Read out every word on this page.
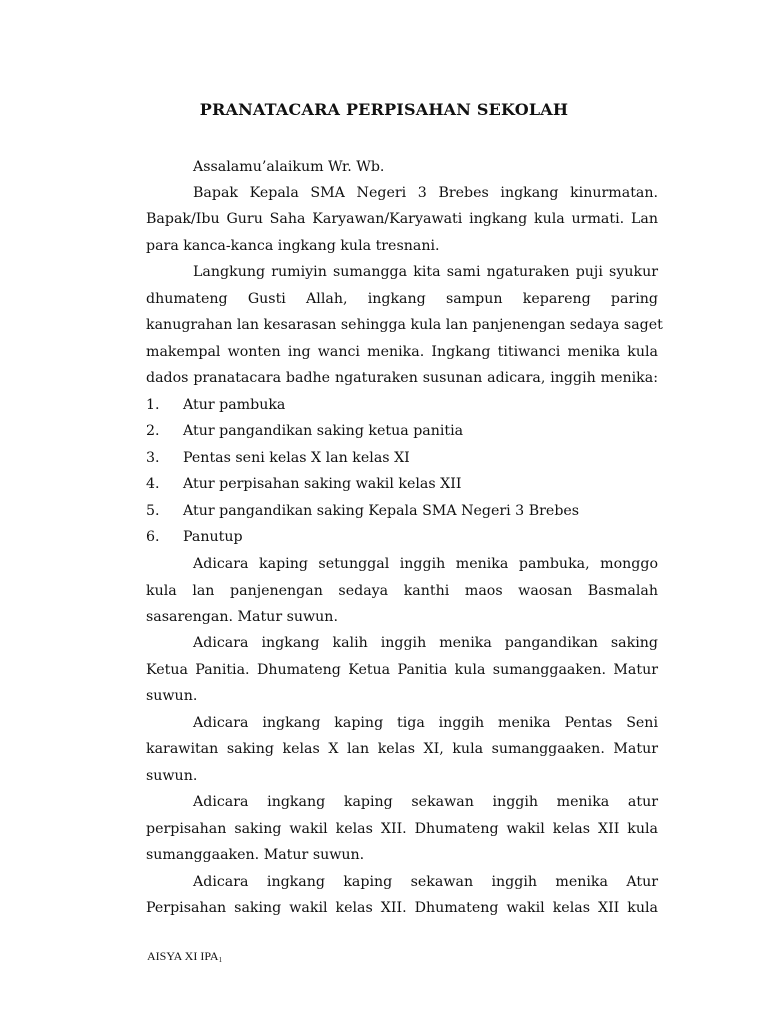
PRANATACARA PERPISAHAN SEKOLAH
Assalamu’alaikum Wr. Wb.
Bapak Kepala SMA Negeri 3 Brebes ingkang kinurmatan.
Bapak/Ibu Guru Saha Karyawan/Karyawati ingkang kula urmati. Lan
para kanca-kanca ingkang kula tresnani.
Langkung rumiyin sumangga kita sami ngaturaken puji syukur
dhumateng Gusti Allah, ingkang sampun kepareng paring
kanugrahan lan kesarasan sehingga kula lan panjenengan sedaya saget
makempal wonten ing wanci menika. Ingkang titiwanci menika kula
dados pranatacara badhe ngaturaken susunan adicara, inggih menika:
1. Atur pambuka
2. Atur pangandikan saking ketua panitia
3. Pentas seni kelas X lan kelas XI
4. Atur perpisahan saking wakil kelas XII
5. Atur pangandikan saking Kepala SMA Negeri 3 Brebes
6. Panutup
Adicara kaping setunggal inggih menika pambuka, monggo
kula lan panjenengan sedaya kanthi maos waosan Basmalah
sasarengan. Matur suwun.
Adicara ingkang kalih inggih menika pangandikan saking
Ketua Panitia. Dhumateng Ketua Panitia kula sumanggaaken. Matur
suwun.
Adicara ingkang kaping tiga inggih menika Pentas Seni
karawitan saking kelas X lan kelas XI, kula sumanggaaken. Matur
suwun.
Adicara ingkang kaping sekawan inggih menika atur
perpisahan saking wakil kelas XII. Dhumateng wakil kelas XII kula
sumanggaaken. Matur suwun.
Adicara ingkang kaping sekawan inggih menika Atur
Perpisahan saking wakil kelas XII. Dhumateng wakil kelas XII kula
AISYA XI $IPA_1$
